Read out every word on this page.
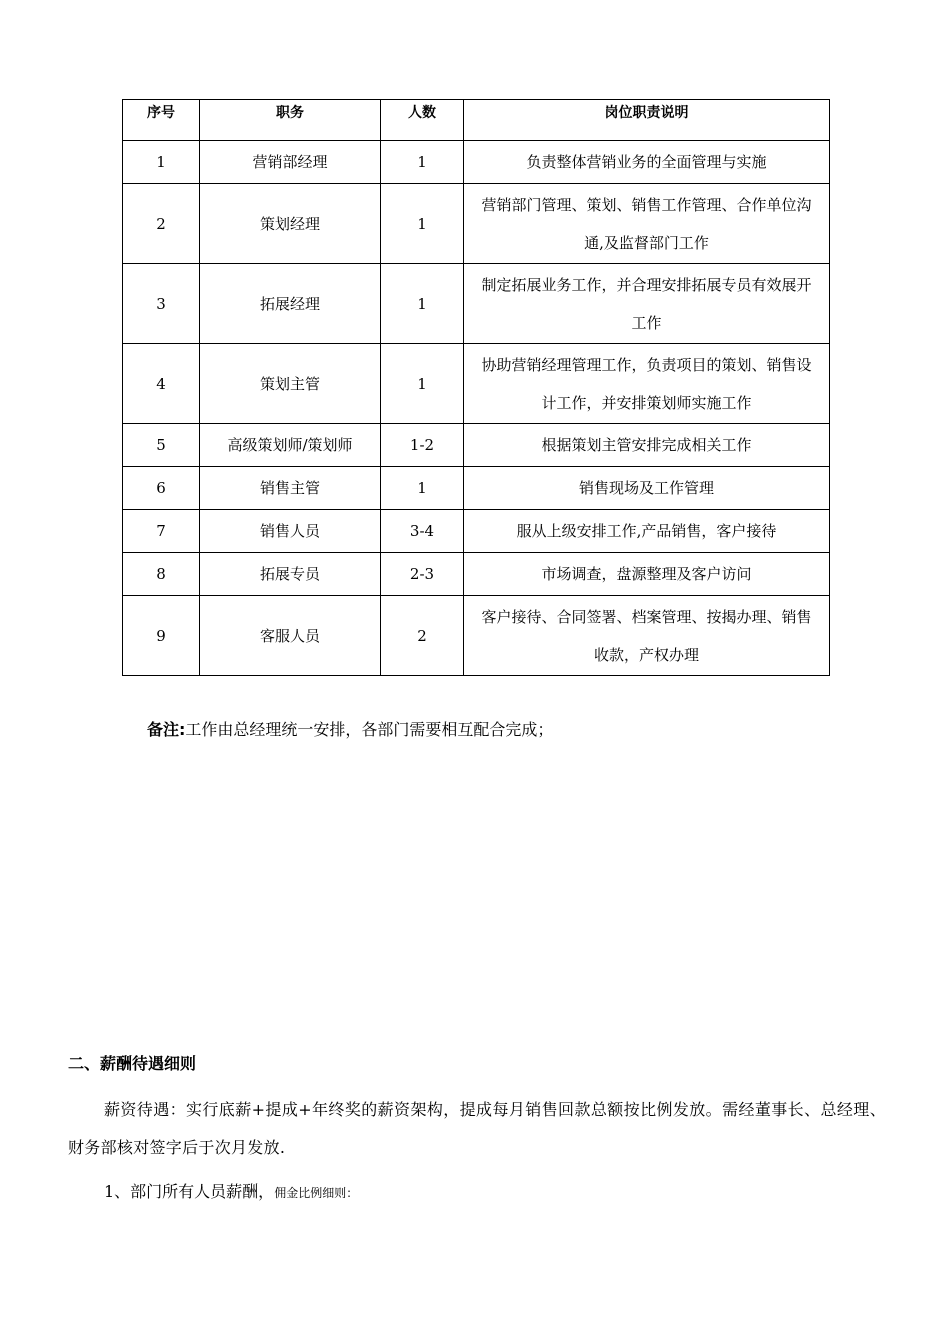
序号	职务	人数	岗位职责说明
1	营销部经理	1	负责整体营销业务的全面管理与实施
2	策划经理	1	营销部门管理、策划、销售工作管理、合作单位沟通,及监督部门工作
3	拓展经理	1	制定拓展业务工作，并合理安排拓展专员有效展开工作
4	策划主管	1	协助营销经理管理工作，负责项目的策划、销售设计工作，并安排策划师实施工作
5	高级策划师/策划师	1-2	根据策划主管安排完成相关工作
6	销售主管	1	销售现场及工作管理
7	销售人员	3-4	服从上级安排工作,产品销售，客户接待
8	拓展专员	2-3	市场调查，盘源整理及客户访问
9	客服人员	2	客户接待、合同签署、档案管理、按揭办理、销售收款，产权办理
备注:工作由总经理统一安排，各部门需要相互配合完成；
二、薪酬待遇细则

薪资待遇：实行底薪+提成+年终奖的薪资架构，提成每月销售回款总额按比例发放。需经董事长、总经理、财务部核对签字后于次月发放.

1、部门所有人员薪酬，佣金比例细则：
